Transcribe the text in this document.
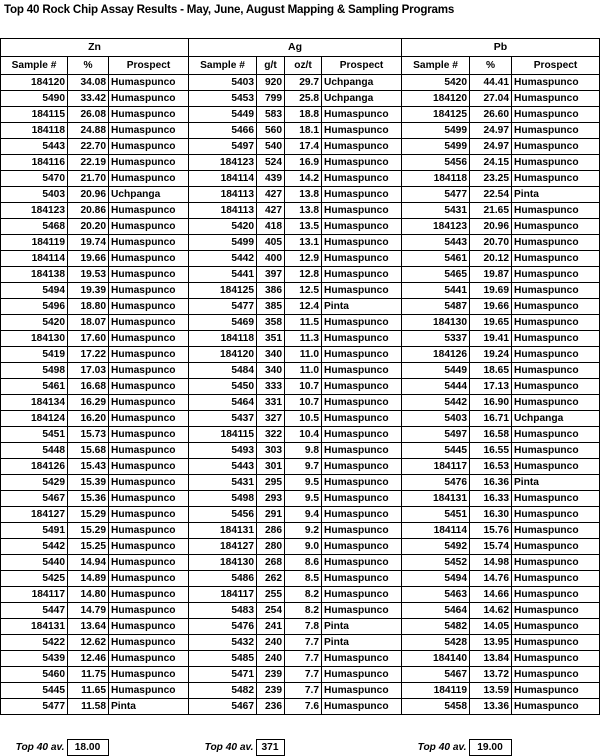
Top 40 Rock Chip Assay Results - May, June, August Mapping & Sampling Programs
Zn			Ag				Pb		
Sample #	%	Prospect	Sample #	g/t	oz/t	Prospect	Sample #	%	Prospect
184120	34.08	Humaspunco	5403	920	29.7	Uchpanga	5420	44.41	Humaspunco
5490	33.42	Humaspunco	5453	799	25.8	Uchpanga	184120	27.04	Humaspunco
184115	26.08	Humaspunco	5449	583	18.8	Humaspunco	184125	26.60	Humaspunco
184118	24.88	Humaspunco	5466	560	18.1	Humaspunco	5499	24.97	Humaspunco
5443	22.70	Humaspunco	5497	540	17.4	Humaspunco	5499	24.97	Humaspunco
184116	22.19	Humaspunco	184123	524	16.9	Humaspunco	5456	24.15	Humaspunco
5470	21.70	Humaspunco	184114	439	14.2	Humaspunco	184118	23.25	Humaspunco
5403	20.96	Uchpanga	184113	427	13.8	Humaspunco	5477	22.54	Pinta
184123	20.86	Humaspunco	184113	427	13.8	Humaspunco	5431	21.65	Humaspunco
5468	20.20	Humaspunco	5420	418	13.5	Humaspunco	184123	20.96	Humaspunco
184119	19.74	Humaspunco	5499	405	13.1	Humaspunco	5443	20.70	Humaspunco
184114	19.66	Humaspunco	5442	400	12.9	Humaspunco	5461	20.12	Humaspunco
184138	19.53	Humaspunco	5441	397	12.8	Humaspunco	5465	19.87	Humaspunco
5494	19.39	Humaspunco	184125	386	12.5	Humaspunco	5441	19.69	Humaspunco
5496	18.80	Humaspunco	5477	385	12.4	Pinta	5487	19.66	Humaspunco
5420	18.07	Humaspunco	5469	358	11.5	Humaspunco	184130	19.65	Humaspunco
184130	17.60	Humaspunco	184118	351	11.3	Humaspunco	5337	19.41	Humaspunco
5419	17.22	Humaspunco	184120	340	11.0	Humaspunco	184126	19.24	Humaspunco
5498	17.03	Humaspunco	5484	340	11.0	Humaspunco	5449	18.65	Humaspunco
5461	16.68	Humaspunco	5450	333	10.7	Humaspunco	5444	17.13	Humaspunco
184134	16.29	Humaspunco	5464	331	10.7	Humaspunco	5442	16.90	Humaspunco
184124	16.20	Humaspunco	5437	327	10.5	Humaspunco	5403	16.71	Uchpanga
5451	15.73	Humaspunco	184115	322	10.4	Humaspunco	5497	16.58	Humaspunco
5448	15.68	Humaspunco	5493	303	9.8	Humaspunco	5445	16.55	Humaspunco
184126	15.43	Humaspunco	5443	301	9.7	Humaspunco	184117	16.53	Humaspunco
5429	15.39	Humaspunco	5431	295	9.5	Humaspunco	5476	16.36	Pinta
5467	15.36	Humaspunco	5498	293	9.5	Humaspunco	184131	16.33	Humaspunco
184127	15.29	Humaspunco	5456	291	9.4	Humaspunco	5451	16.30	Humaspunco
5491	15.29	Humaspunco	184131	286	9.2	Humaspunco	184114	15.76	Humaspunco
5442	15.25	Humaspunco	184127	280	9.0	Humaspunco	5492	15.74	Humaspunco
5440	14.94	Humaspunco	184130	268	8.6	Humaspunco	5452	14.98	Humaspunco
5425	14.89	Humaspunco	5486	262	8.5	Humaspunco	5494	14.76	Humaspunco
184117	14.80	Humaspunco	184117	255	8.2	Humaspunco	5463	14.66	Humaspunco
5447	14.79	Humaspunco	5483	254	8.2	Humaspunco	5464	14.62	Humaspunco
184131	13.64	Humaspunco	5476	241	7.8	Pinta	5482	14.05	Humaspunco
5422	12.62	Humaspunco	5432	240	7.7	Pinta	5428	13.95	Humaspunco
5439	12.46	Humaspunco	5485	240	7.7	Humaspunco	184140	13.84	Humaspunco
5460	11.75	Humaspunco	5471	239	7.7	Humaspunco	5467	13.72	Humaspunco
5445	11.65	Humaspunco	5482	239	7.7	Humaspunco	184119	13.59	Humaspunco
5477	11.58	Pinta	5467	236	7.6	Humaspunco	5458	13.36	Humaspunco
Top 40 av.	18.00		Top 40 av.	371			Top 40 av.	19.00	
